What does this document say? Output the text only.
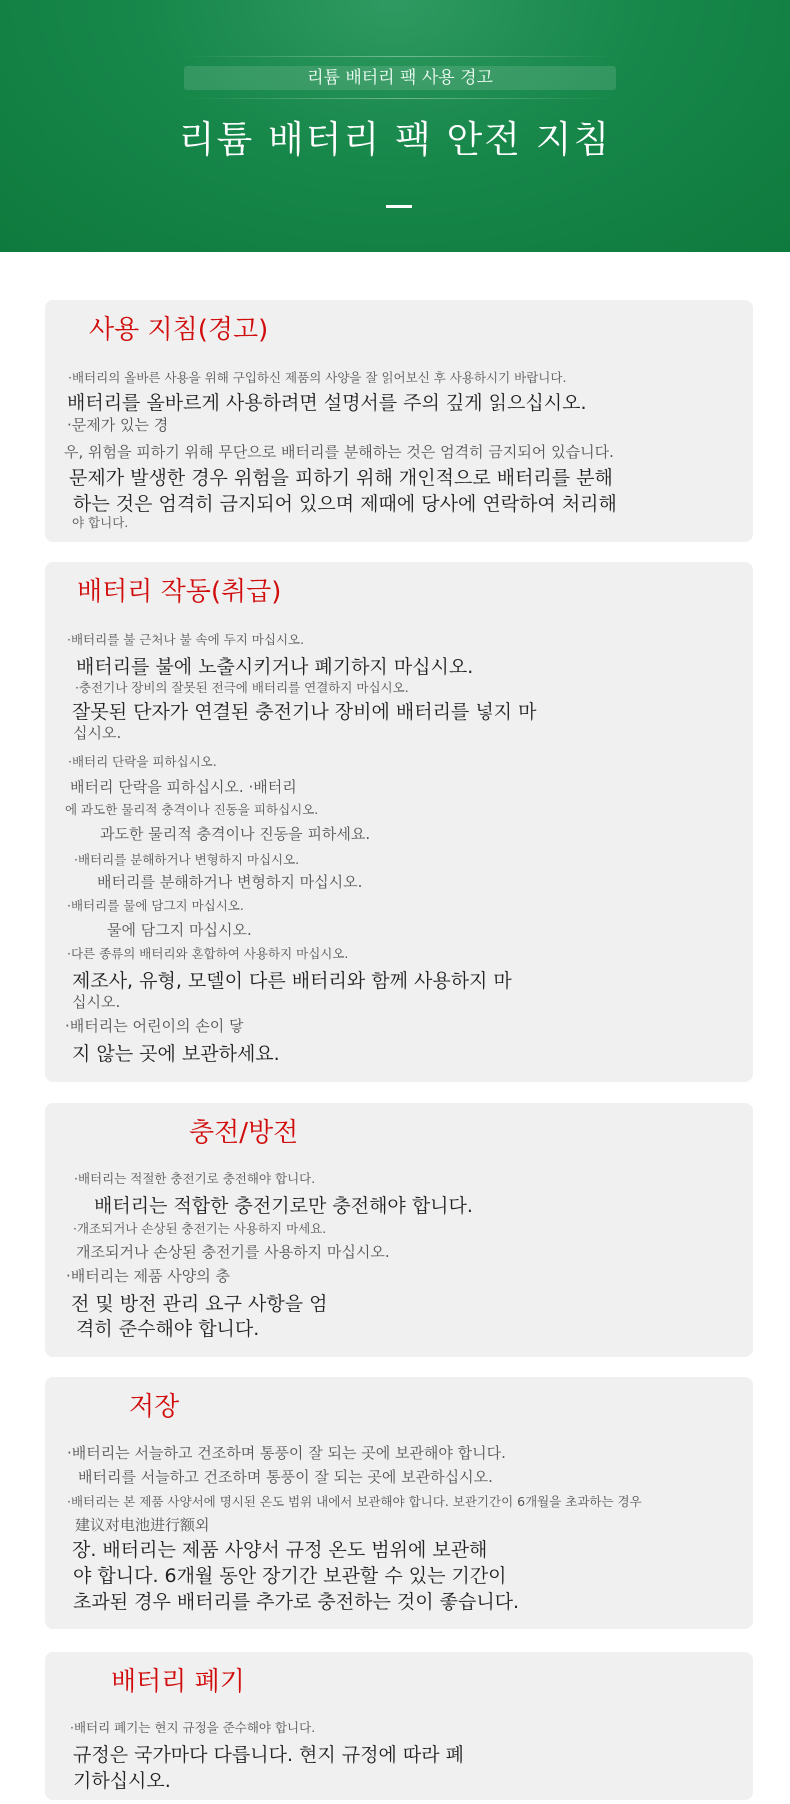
리튬 배터리 팩 사용 경고
리튬 배터리 팩 안전 지침
사용 지침(경고)
·배터리의 올바른 사용을 위해 구입하신 제품의 사양을 잘 읽어보신 후 사용하시기 바랍니다.
배터리를 올바르게 사용하려면 설명서를 주의 깊게 읽으십시오.
·문제가 있는 경
우, 위험을 피하기 위해 무단으로 배터리를 분해하는 것은 엄격히 금지되어 있습니다.
문제가 발생한 경우 위험을 피하기 위해 개인적으로 배터리를 분해
하는 것은 엄격히 금지되어 있으며 제때에 당사에 연락하여 처리해
야 합니다.
배터리 작동(취급)
·배터리를 불 근처나 불 속에 두지 마십시오.
배터리를 불에 노출시키거나 폐기하지 마십시오.
·충전기나 장비의 잘못된 전극에 배터리를 연결하지 마십시오.
잘못된 단자가 연결된 충전기나 장비에 배터리를 넣지 마
십시오.
·배터리 단락을 피하십시오.
배터리 단락을 피하십시오. ·배터리
에 과도한 물리적 충격이나 진동을 피하십시오.
과도한 물리적 충격이나 진동을 피하세요.
·배터리를 분해하거나 변형하지 마십시오.
배터리를 분해하거나 변형하지 마십시오.
·배터리를 물에 담그지 마십시오.
물에 담그지 마십시오.
·다른 종류의 배터리와 혼합하여 사용하지 마십시오.
제조사, 유형, 모델이 다른 배터리와 함께 사용하지 마
십시오.
·배터리는 어린이의 손이 닿
지 않는 곳에 보관하세요.
충전/방전
·배터리는 적절한 충전기로 충전해야 합니다.
배터리는 적합한 충전기로만 충전해야 합니다.
·개조되거나 손상된 충전기는 사용하지 마세요.
개조되거나 손상된 충전기를 사용하지 마십시오.
·배터리는 제품 사양의 충
전 및 방전 관리 요구 사항을 엄
격히 준수해야 합니다.
저장
·배터리는 서늘하고 건조하며 통풍이 잘 되는 곳에 보관해야 합니다.
배터리를 서늘하고 건조하며 통풍이 잘 되는 곳에 보관하십시오.
·배터리는 본 제품 사양서에 명시된 온도 범위 내에서 보관해야 합니다. 보관기간이 6개월을 초과하는 경우
建议对电池进行额외
장. 배터리는 제품 사양서 규정 온도 범위에 보관해
야 합니다. 6개월 동안 장기간 보관할 수 있는 기간이
초과된 경우 배터리를 추가로 충전하는 것이 좋습니다.
배터리 폐기
·배터리 폐기는 현지 규정을 준수해야 합니다.
규정은 국가마다 다릅니다. 현지 규정에 따라 폐
기하십시오.
